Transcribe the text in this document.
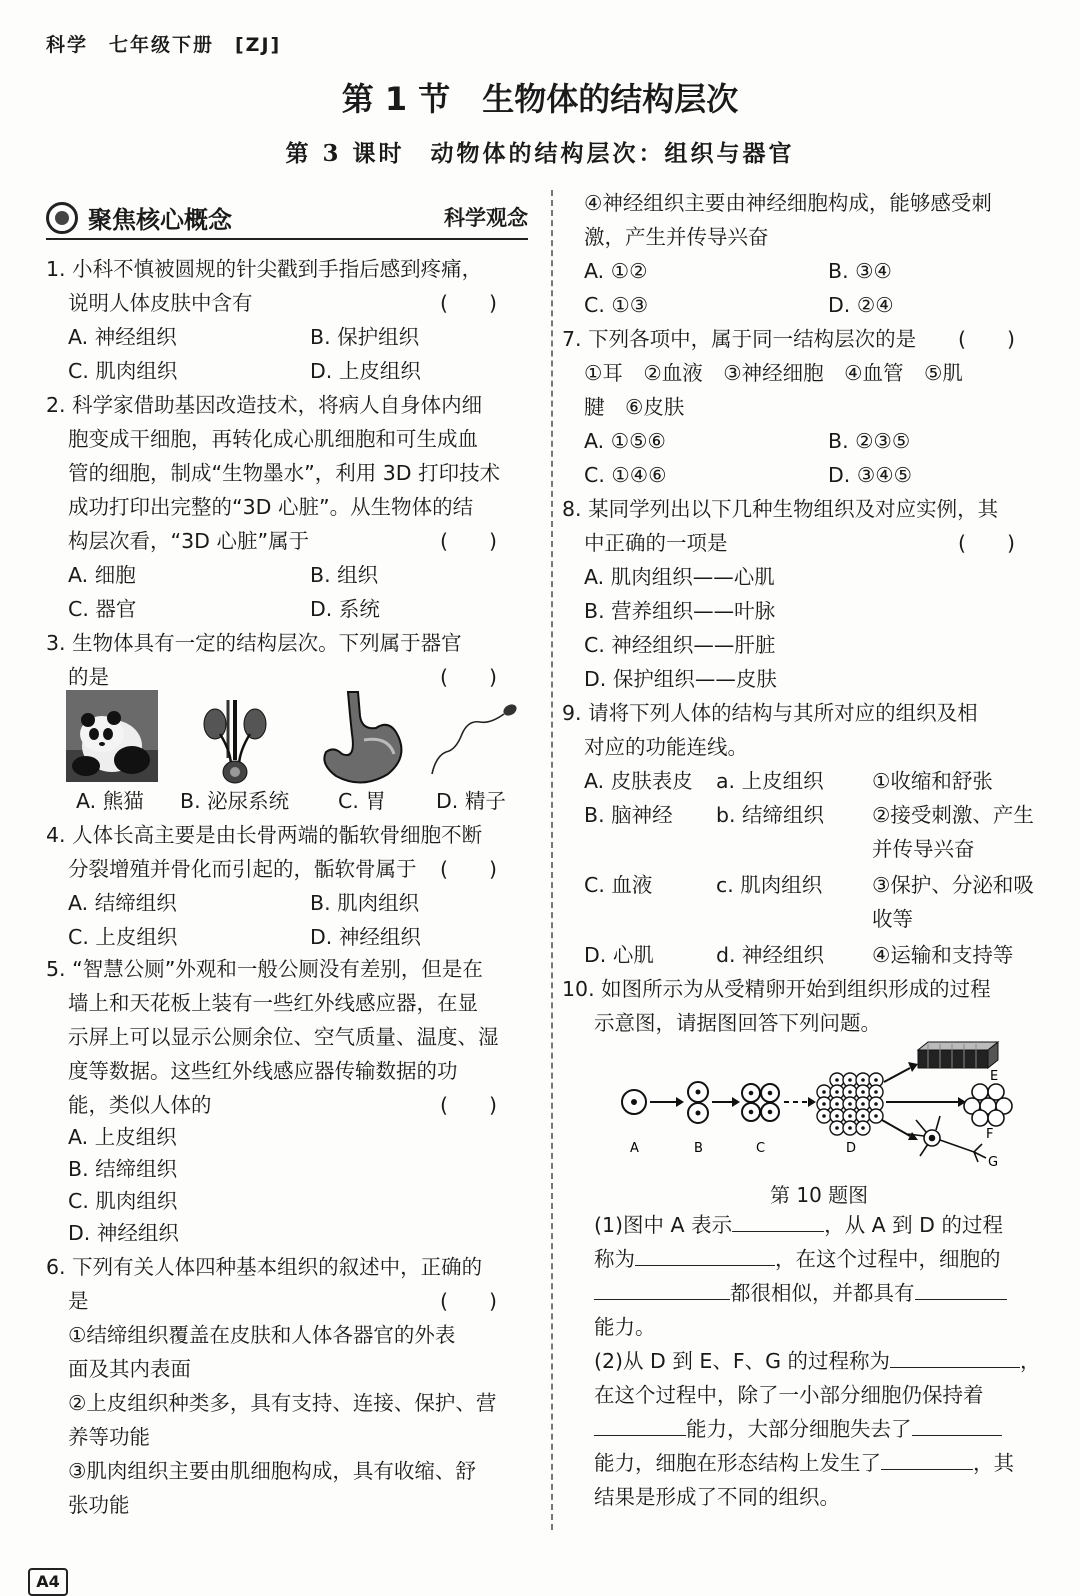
科学　七年级下册　[ZJ]
第 1 节　生物体的结构层次
第 3 课时　动物体的结构层次：组织与器官
聚焦核心概念	科学观念
1. 小科不慎被圆规的针尖戳到手指后感到疼痛，
说明人体皮肤中含有	(　　)
A. 神经组织	B. 保护组织
C. 肌肉组织	D. 上皮组织
2. 科学家借助基因改造技术，将病人自身体内细
胞变成干细胞，再转化成心肌细胞和可生成血
管的细胞，制成“生物墨水”，利用 3D 打印技术
成功打印出完整的“3D 心脏”。从生物体的结
构层次看，“3D 心脏”属于	(　　)
A. 细胞	B. 组织
C. 器官	D. 系统
3. 生物体具有一定的结构层次。下列属于器官
的是	(　　)
A. 熊猫 B. 泌尿系统 C. 胃 D. 精子
4. 人体长高主要是由长骨两端的骺软骨细胞不断
分裂增殖并骨化而引起的，骺软骨属于 (　　)
A. 结缔组织	B. 肌肉组织
C. 上皮组织	D. 神经组织
5. “智慧公厕”外观和一般公厕没有差别，但是在
墙上和天花板上装有一些红外线感应器，在显
示屏上可以显示公厕余位、空气质量、温度、湿
度等数据。这些红外线感应器传输数据的功
能，类似人体的	(　　)
A. 上皮组织
B. 结缔组织
C. 肌肉组织
D. 神经组织
6. 下列有关人体四种基本组织的叙述中，正确的
是	(　　)
①结缔组织覆盖在皮肤和人体各器官的外表
面及其内表面
②上皮组织种类多，具有支持、连接、保护、营
养等功能
③肌肉组织主要由肌细胞构成，具有收缩、舒
张功能
④神经组织主要由神经细胞构成，能够感受刺
激，产生并传导兴奋
A. ①②	B. ③④
C. ①③	D. ②④
7. 下列各项中，属于同一结构层次的是 (　　)
①耳　②血液　③神经细胞　④血管　⑤肌
腱　⑥皮肤
A. ①⑤⑥	B. ②③⑤
C. ①④⑥	D. ③④⑤
8. 某同学列出以下几种生物组织及对应实例，其
中正确的一项是	(　　)
A. 肌肉组织——心肌
B. 营养组织——叶脉
C. 神经组织——肝脏
D. 保护组织——皮肤
9. 请将下列人体的结构与其所对应的组织及相
对应的功能连线。
A. 皮肤表皮 a. 上皮组织 ①收缩和舒张
B. 脑神经 b. 结缔组织 ②接受刺激、产生
并传导兴奋
C. 血液	c. 肌肉组织 ③保护、分泌和吸
收等
D. 心肌	d. 神经组织 ④运输和支持等
10. 如图所示为从受精卵开始到组织形成的过程
示意图，请据图回答下列问题。
A	B	C	D
E
F
G
第 10 题图
(1)图中 A 表示	，从 A 到 D 的过程
称为	，在这个过程中，细胞的
都很相似，并都具有
能力。
(2)从 D 到 E、F、G 的过程称为	，
在这个过程中，除了一小部分细胞仍保持着
能力，大部分细胞失去了
能力，细胞在形态结构上发生了	，其
结果是形成了不同的组织。
A4
